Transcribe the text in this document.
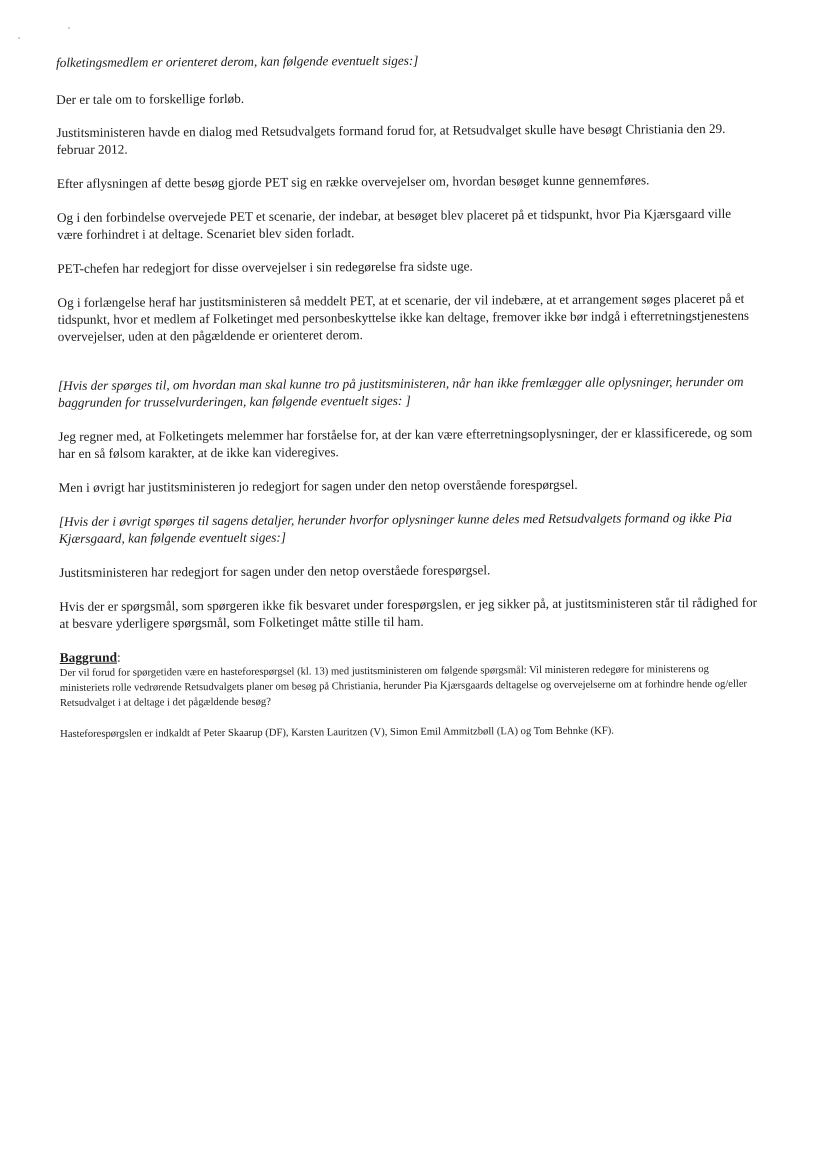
folketingsmedlem er orienteret derom, kan følgende eventuelt siges:]

Der er tale om to forskellige forløb.

Justitsministeren havde en dialog med Retsudvalgets formand forud for, at Retsudvalget skulle have besøgt Christiania den 29. februar 2012.

Efter aflysningen af dette besøg gjorde PET sig en række overvejelser om, hvordan besøget kunne gennemføres.

Og i den forbindelse overvejede PET et scenarie, der indebar, at besøget blev placeret på et tidspunkt, hvor Pia Kjærsgaard ville være forhindret i at deltage. Scenariet blev siden forladt.

PET-chefen har redegjort for disse overvejelser i sin redegørelse fra sidste uge.

Og i forlængelse heraf har justitsministeren så meddelt PET, at et scenarie, der vil indebære, at et arrangement søges placeret på et tidspunkt, hvor et medlem af Folketinget med personbeskyttelse ikke kan deltage, fremover ikke bør indgå i efterretningstjenestens overvejelser, uden at den pågældende er orienteret derom.

[Hvis der spørges til, om hvordan man skal kunne tro på justitsministeren, når han ikke fremlægger alle oplysninger, herunder om baggrunden for trusselvurderingen, kan følgende eventuelt siges: ]

Jeg regner med, at Folketingets melemmer har forståelse for, at der kan være efterretningsoplysninger, der er klassificerede, og som har en så følsom karakter, at de ikke kan videregives.

Men i øvrigt har justitsministeren jo redegjort for sagen under den netop overstående forespørgsel.

[Hvis der i øvrigt spørges til sagens detaljer, herunder hvorfor oplysninger kunne deles med Retsudvalgets formand og ikke Pia Kjærsgaard, kan følgende eventuelt siges:]

Justitsministeren har redegjort for sagen under den netop overståede forespørgsel.

Hvis der er spørgsmål, som spørgeren ikke fik besvaret under forespørgslen, er jeg sikker på, at justitsministeren står til rådighed for at besvare yderligere spørgsmål, som Folketinget måtte stille til ham.

Baggrund:

Der vil forud for spørgetiden være en hasteforespørgsel (kl. 13) med justitsministeren om følgende spørgsmål: Vil ministeren redegøre for ministerens og ministeriets rolle vedrørende Retsudvalgets planer om besøg på Christiania, herunder Pia Kjærsgaards deltagelse og overvejelserne om at forhindre hende og/eller Retsudvalget i at deltage i det pågældende besøg?

Hasteforespørgslen er indkaldt af Peter Skaarup (DF), Karsten Lauritzen (V), Simon Emil Ammitzbøll (LA) og Tom Behnke (KF).
